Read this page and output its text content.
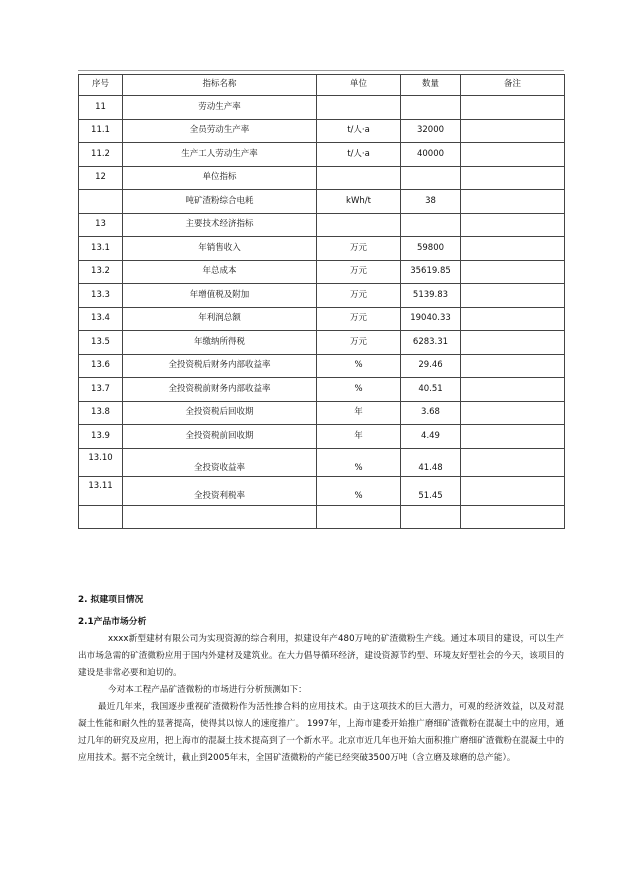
序号	指标名称	单位	数量	备注
11	劳动生产率			
11.1	全员劳动生产率	t/人·a	32000	
11.2	生产工人劳动生产率	t/人·a	40000	
12	单位指标			
	吨矿渣粉综合电耗	kWh/t	38	
13	主要技术经济指标			
13.1	年销售收入	万元	59800	
13.2	年总成本	万元	35619.85	
13.3	年增值税及附加	万元	5139.83	
13.4	年利润总额	万元	19040.33	
13.5	年缴纳所得税	万元	6283.31	
13.6	全投资税后财务内部收益率	%	29.46	
13.7	全投资税前财务内部收益率	%	40.51	
13.8	全投资税后回收期	年	3.68	
13.9	全投资税前回收期	年	4.49	
13.10	全投资收益率	%	41.48	
13.11	全投资利税率	%	51.45	

2. 拟建项目情况
2.1产品市场分析
xxxx新型建材有限公司为实现资源的综合利用，拟建设年产480万吨的矿渣微粉生产线。通过本项目的建设，可以生产出市场急需的矿渣微粉应用于国内外建材及建筑业。在大力倡导循环经济，建设资源节约型、环境友好型社会的今天，该项目的建设是非常必要和迫切的。
今对本工程产品矿渣微粉的市场进行分析预测如下：
最近几年来，我国逐步重视矿渣微粉作为活性掺合料的应用技术。由于这项技术的巨大潜力，可观的经济效益，以及对混凝土性能和耐久性的显著提高，使得其以惊人的速度推广。 1997年，上海市建委开始推广磨细矿渣微粉在混凝土中的应用，通过几年的研究及应用，把上海市的混凝土技术提高到了一个新水平。北京市近几年也开始大面积推广磨细矿渣微粉在混凝土中的应用技术。据不完全统计，截止到2005年末，全国矿渣微粉的产能已经突破3500万吨（含立磨及球磨的总产能）。
